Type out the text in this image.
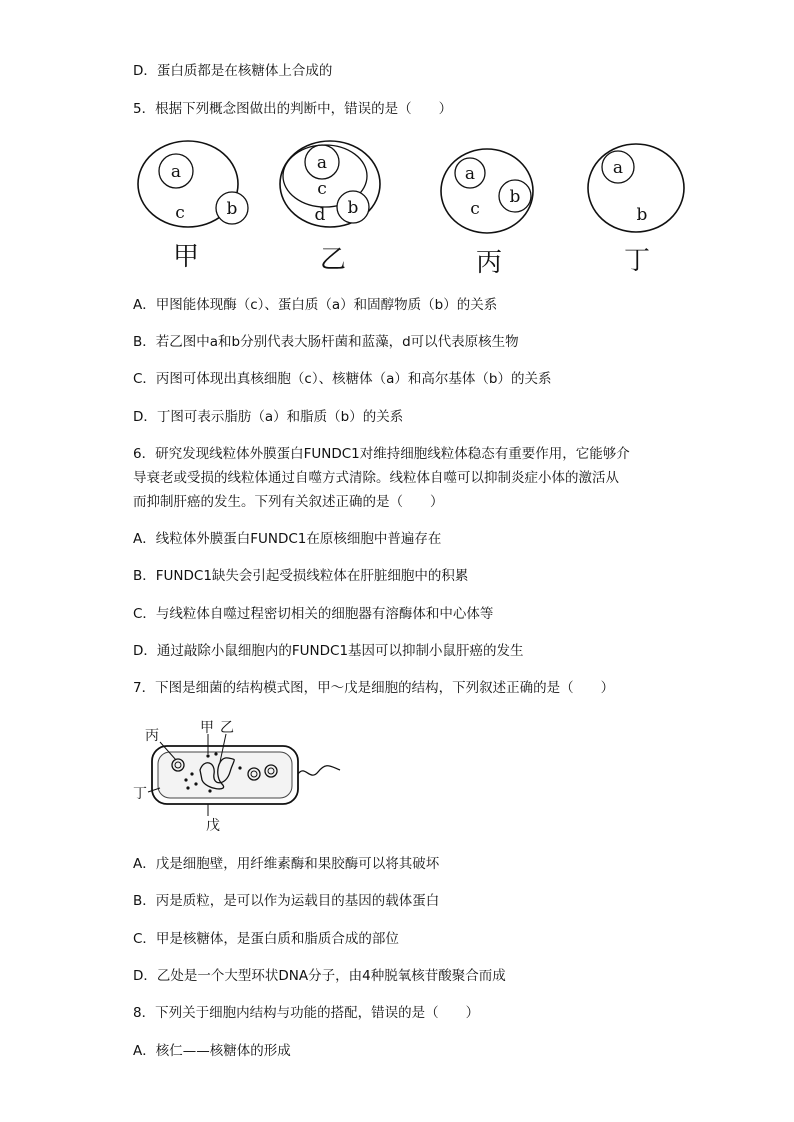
D．蛋白质都是在核糖体上合成的
5．根据下列概念图做出的判断中，错误的是（　　）
a
b
c
甲
a
b
c
d
乙
a
b
c
丙
a
b
丁
A．甲图能体现酶（c）、蛋白质（a）和固醇物质（b）的关系
B．若乙图中a和b分别代表大肠杆菌和蓝藻，d可以代表原核生物
C．丙图可体现出真核细胞（c）、核糖体（a）和高尔基体（b）的关系
D．丁图可表示脂肪（a）和脂质（b）的关系
6．研究发现线粒体外膜蛋白FUNDC1对维持细胞线粒体稳态有重要作用，它能够介
导衰老或受损的线粒体通过自噬方式清除。线粒体自噬可以抑制炎症小体的激活从
而抑制肝癌的发生。下列有关叙述正确的是（　　）
A．线粒体外膜蛋白FUNDC1在原核细胞中普遍存在
B．FUNDC1缺失会引起受损线粒体在肝脏细胞中的积累
C．与线粒体自噬过程密切相关的细胞器有溶酶体和中心体等
D．通过敲除小鼠细胞内的FUNDC1基因可以抑制小鼠肝癌的发生
7．下图是细菌的结构模式图，甲～戊是细胞的结构，下列叙述正确的是（　　）
丙	甲 乙
丁
戊
A．戊是细胞壁，用纤维素酶和果胶酶可以将其破坏
B．丙是质粒，是可以作为运载目的基因的载体蛋白
C．甲是核糖体，是蛋白质和脂质合成的部位
D．乙处是一个大型环状DNA分子，由4种脱氧核苷酸聚合而成
8．下列关于细胞内结构与功能的搭配，错误的是（　　）
A．核仁——核糖体的形成
